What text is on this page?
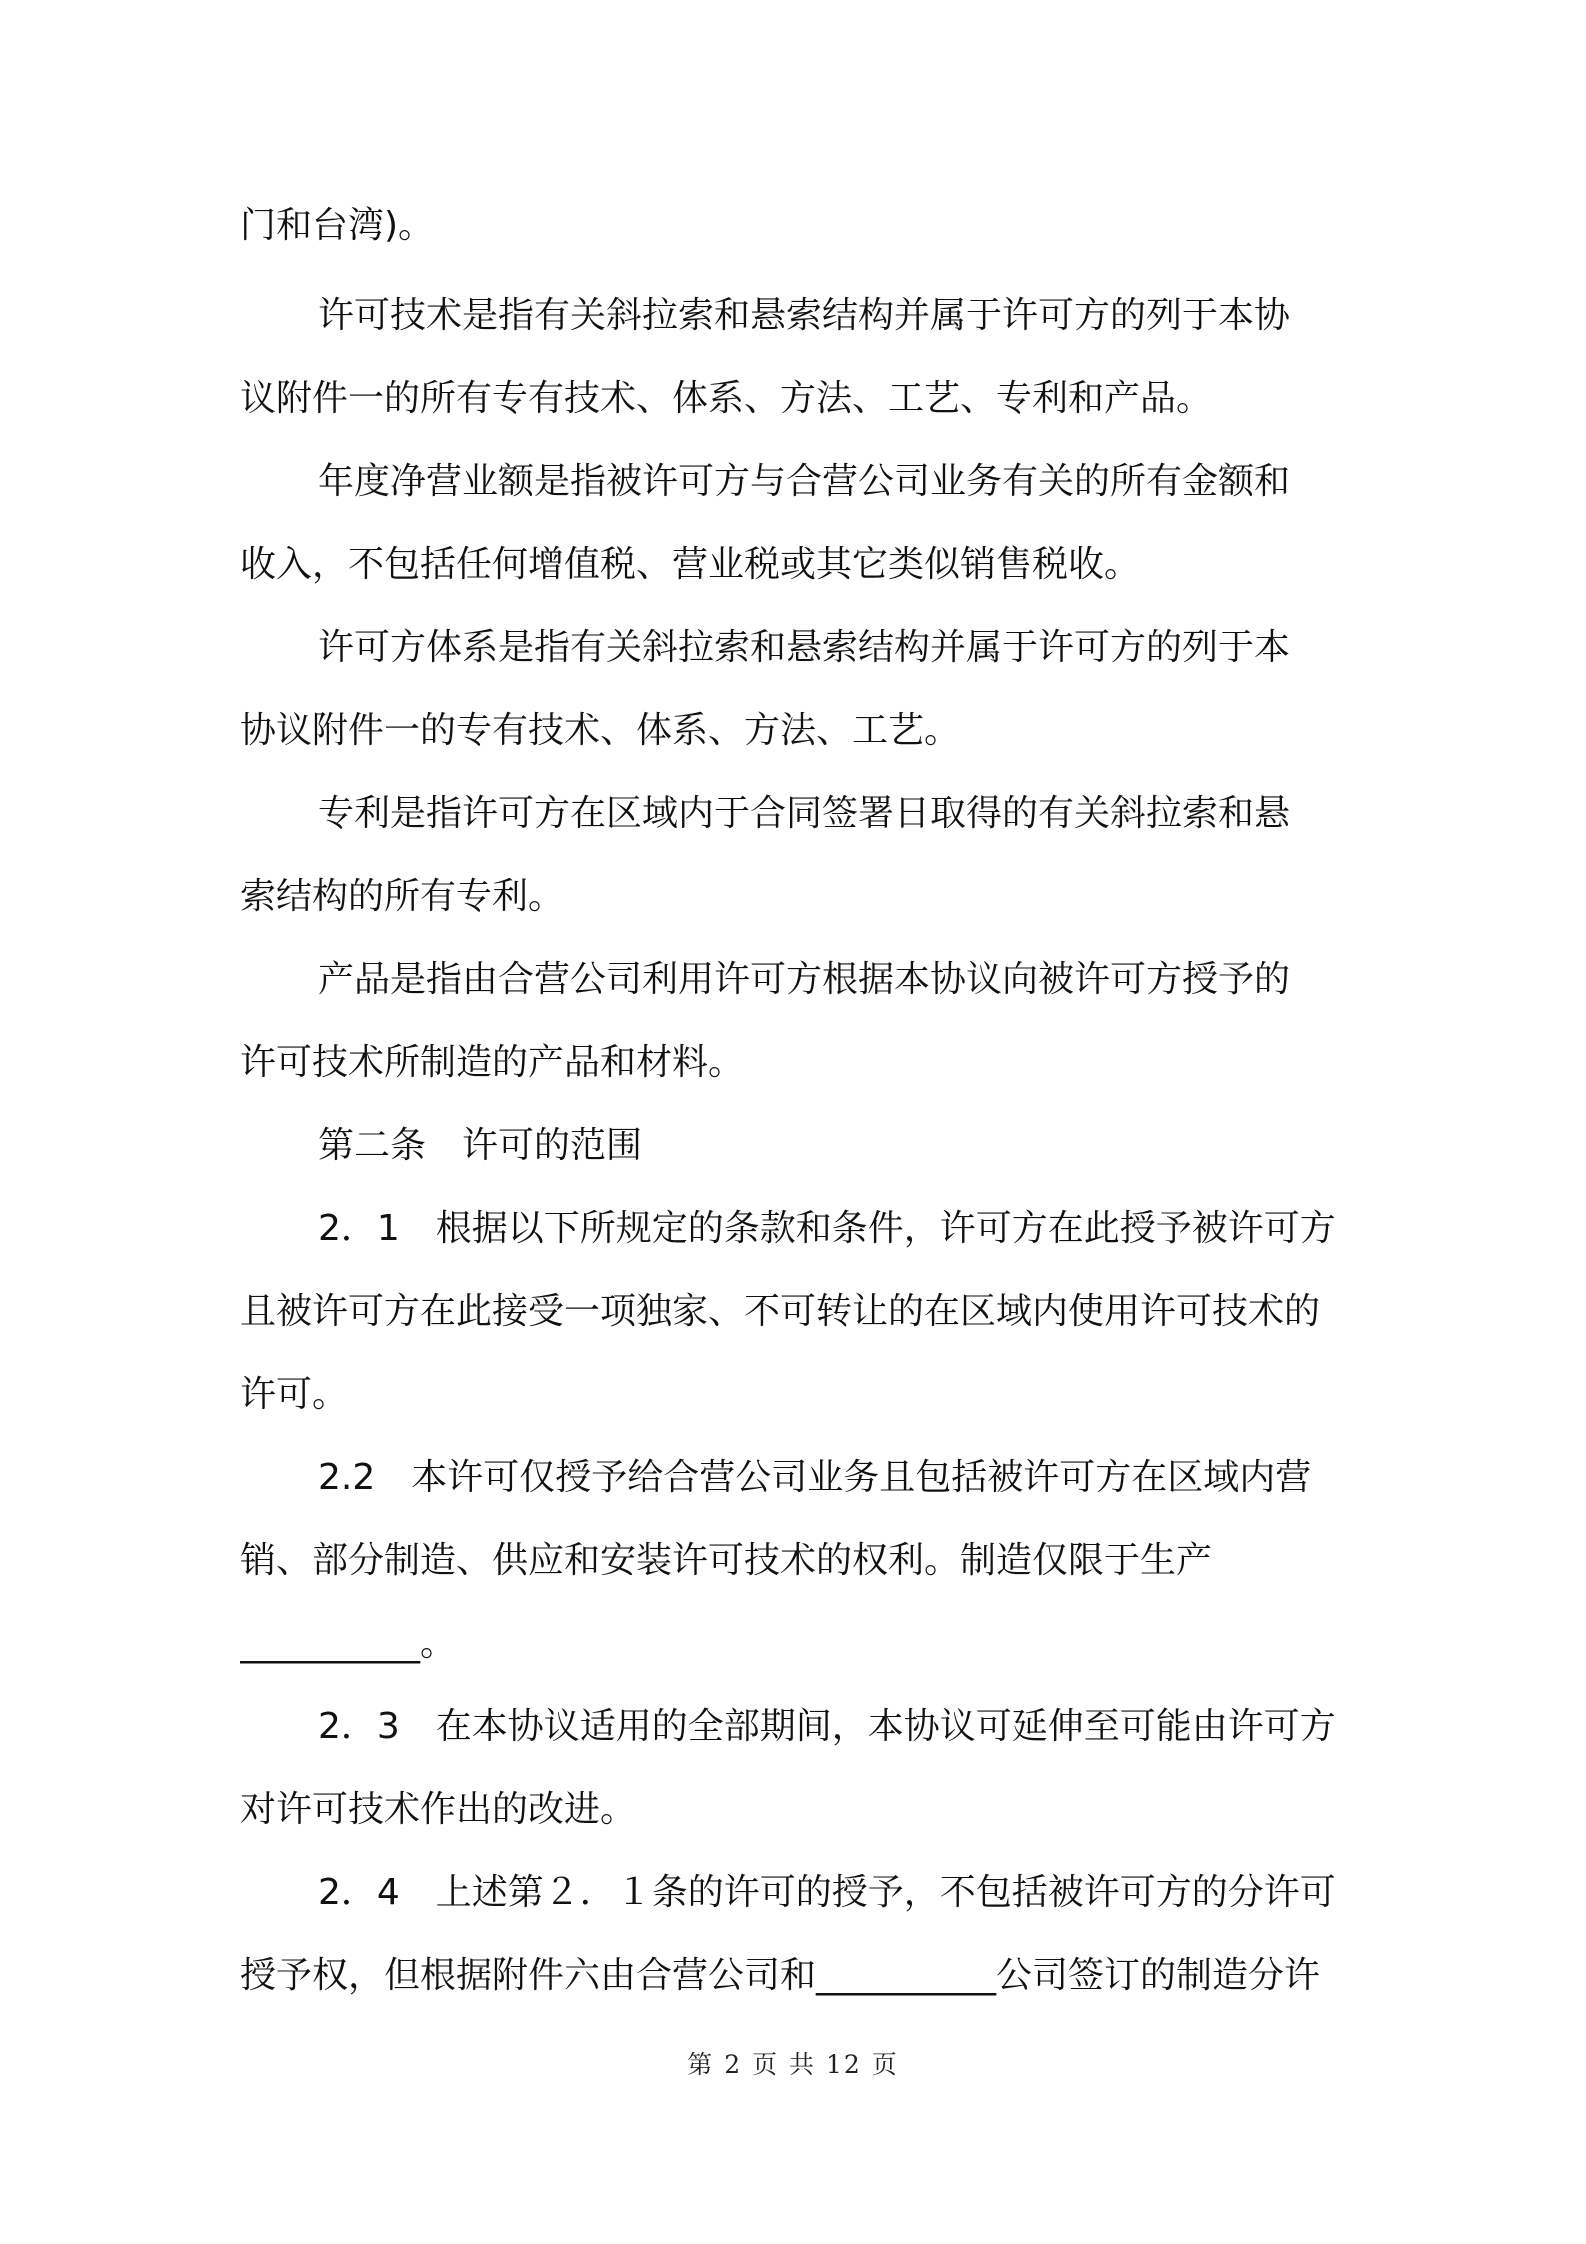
门和台湾)。
许可技术是指有关斜拉索和悬索结构并属于许可方的列于本协
议附件一的所有专有技术、体系、方法、工艺、专利和产品。
年度净营业额是指被许可方与合营公司业务有关的所有金额和
收入，不包括任何增值税、营业税或其它类似销售税收。
许可方体系是指有关斜拉索和悬索结构并属于许可方的列于本
协议附件一的专有技术、体系、方法、工艺。
专利是指许可方在区域内于合同签署日取得的有关斜拉索和悬
索结构的所有专利。
产品是指由合营公司利用许可方根据本协议向被许可方授予的
许可技术所制造的产品和材料。
第二条　许可的范围
2．1　根据以下所规定的条款和条件，许可方在此授予被许可方
且被许可方在此接受一项独家、不可转让的在区域内使用许可技术的
许可。
2.2　本许可仅授予给合营公司业务且包括被许可方在区域内营
销、部分制造、供应和安装许可技术的权利。制造仅限于生产
__________。
2．3　在本协议适用的全部期间，本协议可延伸至可能由许可方
对许可技术作出的改进。
2．4　上述第２．１条的许可的授予，不包括被许可方的分许可
授予权，但根据附件六由合营公司和__________公司签订的制造分许
第 2 页 共 12 页
